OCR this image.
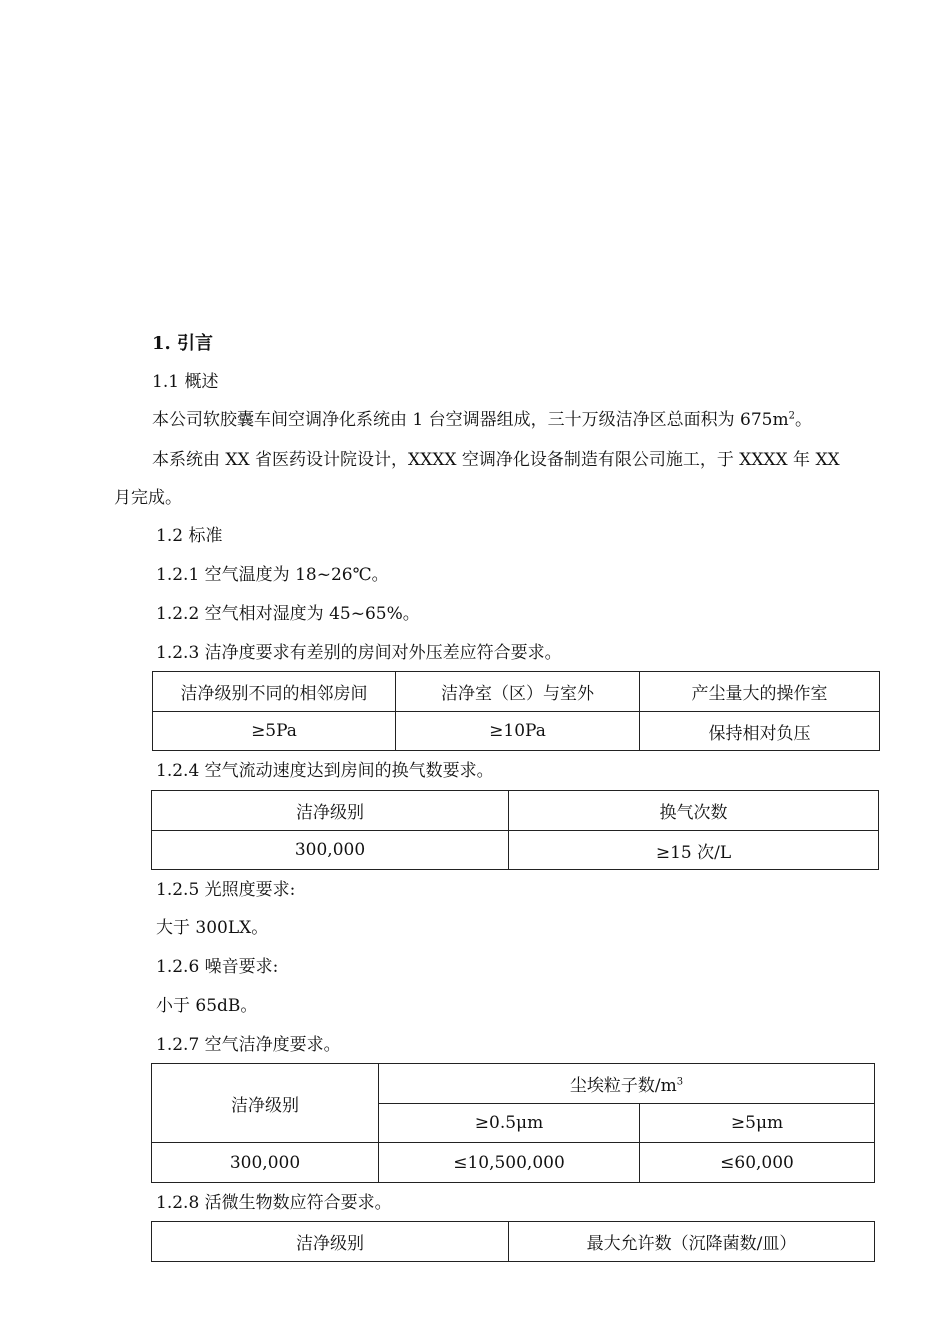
1. 引言
1.1 概述
本公司软胶囊车间空调净化系统由 1 台空调器组成，三十万级洁净区总面积为 $675m^2$。
本系统由 XX 省医药设计院设计，XXXX 空调净化设备制造有限公司施工，于 XXXX 年 XX
月完成。
1.2 标准
1.2.1 空气温度为 18~26℃。
1.2.2 空气相对湿度为 45~65%。
1.2.3 洁净度要求有差别的房间对外压差应符合要求。
洁净级别不同的相邻房间	洁净室（区）与室外	产尘量大的操作室
≥5Pa	≥10Pa	保持相对负压
1.2.4 空气流动速度达到房间的换气数要求。
洁净级别	换气次数
300,000	≥15 次/L
1.2.5 光照度要求:
大于 300LX。
1.2.6 噪音要求:
小于 65dB。
1.2.7 空气洁净度要求。
洁净级别	尘埃粒子数$/m^3$
	≥0.5μm	≥5μm
300,000	≤10,500,000	≤60,000
1.2.8 活微生物数应符合要求。
洁净级别	最大允许数（沉降菌数/皿）
